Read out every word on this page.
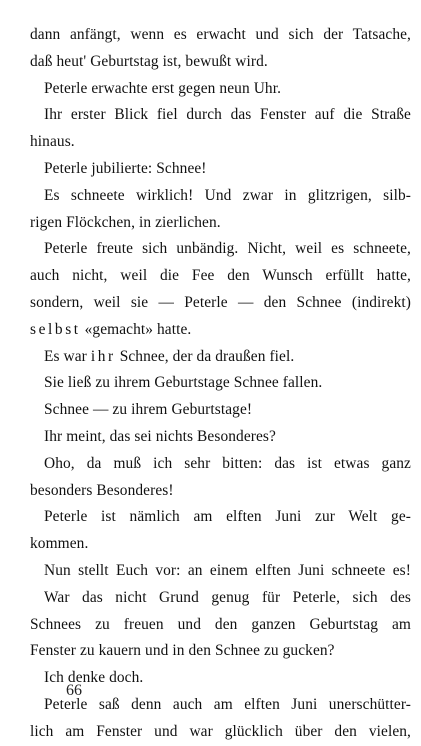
dann anfängt, wenn es erwacht und sich der Tatsache,
daß heut' Geburtstag ist, bewußt wird.
Peterle erwachte erst gegen neun Uhr.
Ihr erster Blick fiel durch das Fenster auf die Straße
hinaus.
Peterle jubilierte: Schnee!
Es schneete wirklich! Und zwar in glitzrigen, silb-
rigen Flöckchen, in zierlichen.
Peterle freute sich unbändig. Nicht, weil es schneete,
auch nicht, weil die Fee den Wunsch erfüllt hatte,
sondern, weil sie — Peterle — den Schnee (indirekt)
selbst «gemacht» hatte.
Es war ihr Schnee, der da draußen fiel.
Sie ließ zu ihrem Geburtstage Schnee fallen.
Schnee — zu ihrem Geburtstage!
Ihr meint, das sei nichts Besonderes?
Oho, da muß ich sehr bitten: das ist etwas ganz
besonders Besonderes!
Peterle ist nämlich am elften Juni zur Welt ge-
kommen.
Nun stellt Euch vor: an einem elften Juni schneete es!
War das nicht Grund genug für Peterle, sich des
Schnees zu freuen und den ganzen Geburtstag am
Fenster zu kauern und in den Schnee zu gucken?
Ich denke doch.
Peterle saß denn auch am elften Juni unerschütter-
lich am Fenster und war glücklich über den vielen,
66
